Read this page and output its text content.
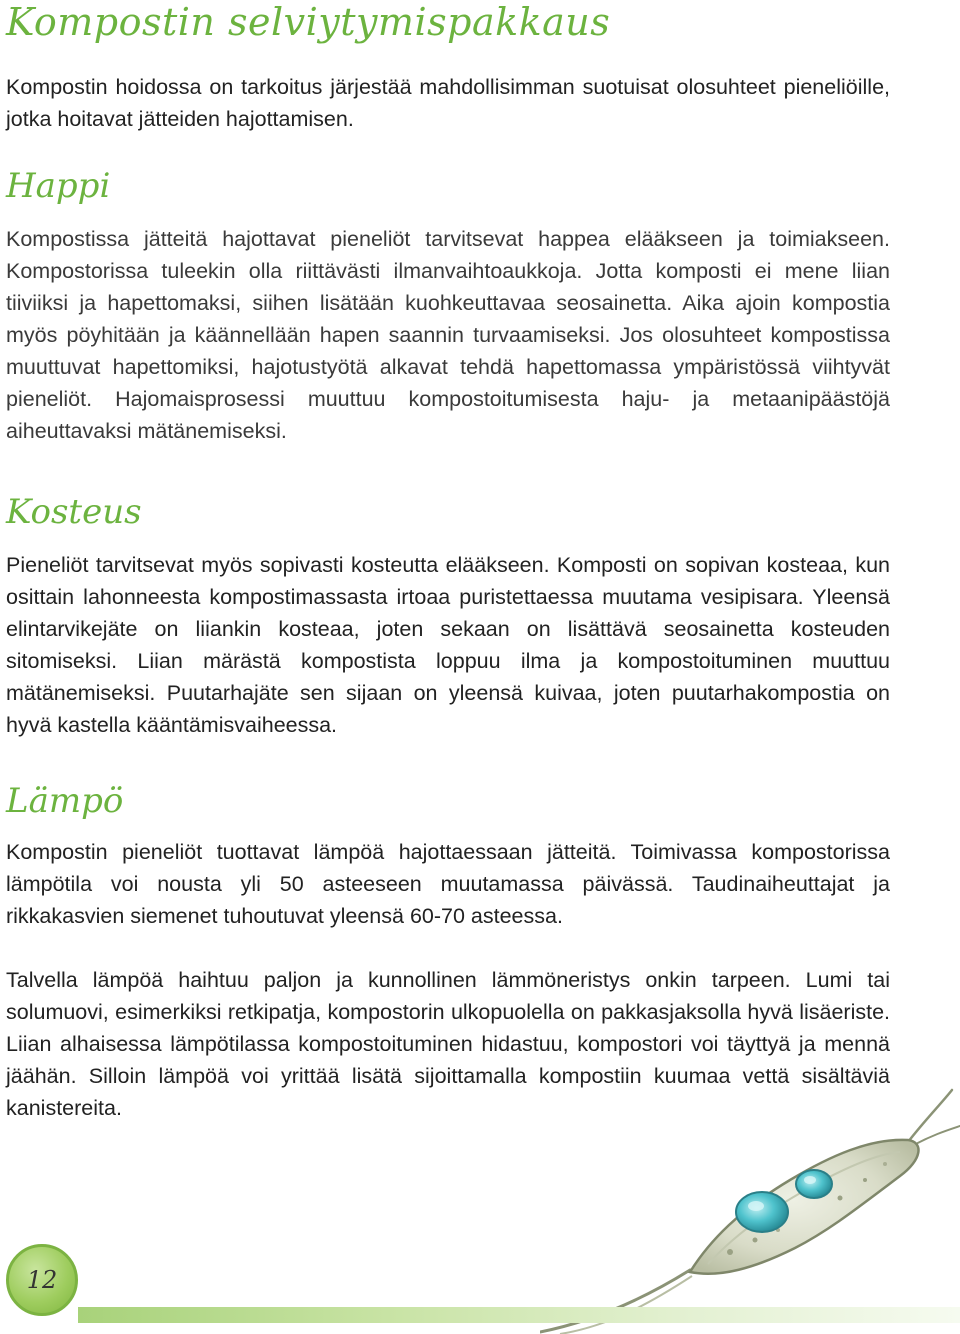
Kompostin selviytymispakkaus

Kompostin hoidossa on tarkoitus järjestää mahdollisimman suotuisat olosuhteet pieneliöille, jotka hoitavat jätteiden hajottamisen.

Happi

Kompostissa jätteitä hajottavat pieneliöt tarvitsevat happea elääkseen ja toimiakseen. Kompostorissa tuleekin olla riittävästi ilmanvaihtoaukkoja. Jotta komposti ei mene liian tiiviiksi ja hapettomaksi, siihen lisätään kuohkeuttavaa seosainetta. Aika ajoin kompostia myös pöyhitään ja käännellään hapen saannin turvaamiseksi. Jos olosuhteet kompostissa muuttuvat hapettomiksi, hajotustyötä alkavat tehdä hapettomassa ympäristössä viihtyvät pieneliöt. Hajomaisprosessi muuttuu kompostoitumisesta haju- ja metaanipäästöjä aiheuttavaksi mätänemiseksi.

Kosteus

Pieneliöt tarvitsevat myös sopivasti kosteutta elääkseen. Komposti on sopivan kosteaa, kun osittain lahonneesta kompostimassasta irtoaa puristettaessa muutama vesipisara. Yleensä elintarvikejäte on liiankin kosteaa, joten sekaan on lisättävä seosainetta kosteuden sitomiseksi. Liian märästä kompostista loppuu ilma ja kompostoituminen muuttuu mätänemiseksi. Puutarhajäte sen sijaan on yleensä kuivaa, joten puutarhakompostia on hyvä kastella kääntämisvaiheessa.

Lämpö

Kompostin pieneliöt tuottavat lämpöä hajottaessaan jätteitä. Toimivassa kompostorissa lämpötila voi nousta yli 50 asteeseen muutamassa päivässä. Taudinaiheuttajat ja rikkakasvien siemenet tuhoutuvat yleensä 60-70 asteessa.

Talvella lämpöä haihtuu paljon ja kunnollinen lämmöneristys onkin tarpeen. Lumi tai solumuovi, esimerkiksi retkipatja, kompostorin ulkopuolella on pakkasjaksolla hyvä lisäeriste. Liian alhaisessa lämpötilassa kompostoituminen hidastuu, kompostori voi täyttyä ja mennä jäähän. Silloin lämpöä voi yrittää lisätä sijoittamalla kompostiin kuumaa vettä sisältäviä kanistereita.

12
